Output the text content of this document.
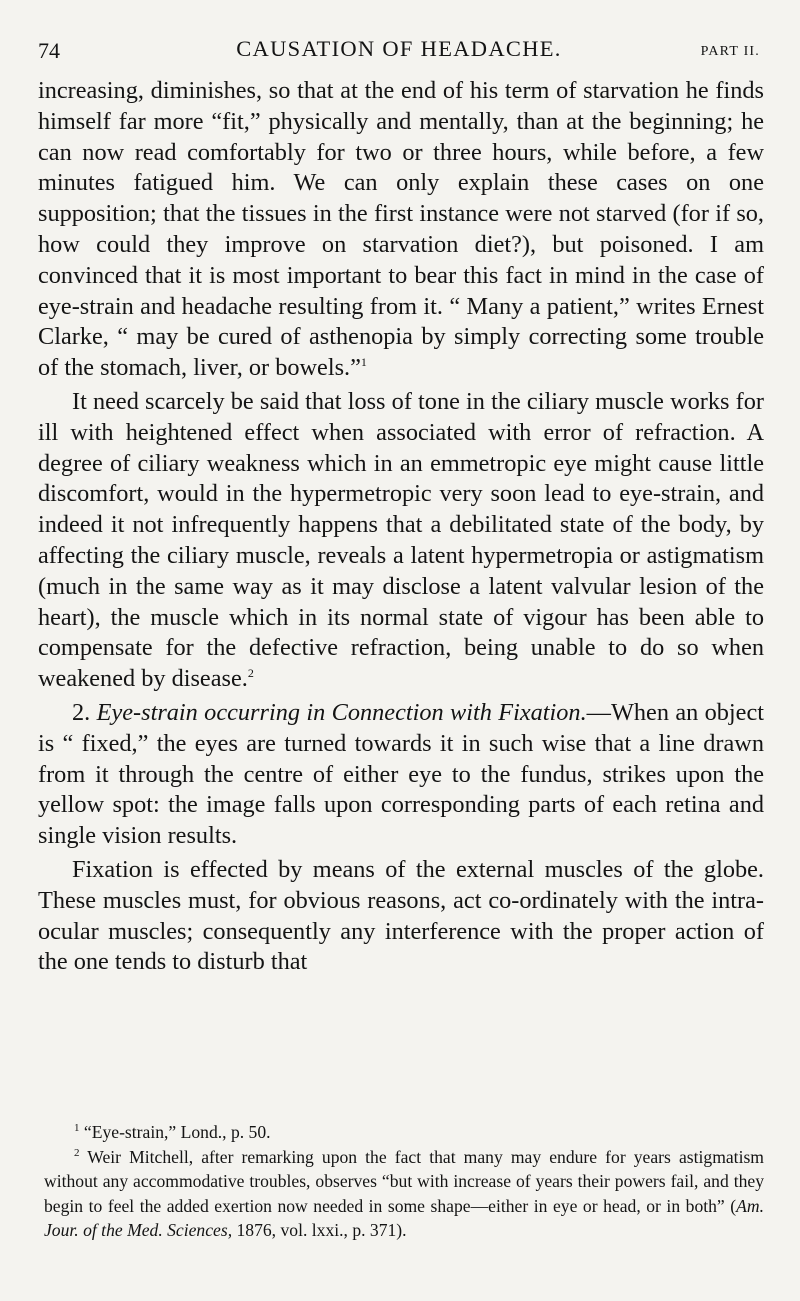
74	CAUSATION OF HEADACHE.	PART II.

increasing, diminishes, so that at the end of his term of starvation he finds himself far more “fit,” physically and mentally, than at the beginning; he can now read comfortably for two or three hours, while before, a few minutes fatigued him. We can only explain these cases on one supposition; that the tissues in the first instance were not starved (for if so, how could they improve on starvation diet?), but poisoned. I am convinced that it is most important to bear this fact in mind in the case of eye-strain and headache resulting from it. “ Many a patient,” writes Ernest Clarke, “ may be cured of asthenopia by simply correcting some trouble of the stomach, liver, or bowels.”$^1$

It need scarcely be said that loss of tone in the ciliary muscle works for ill with heightened effect when associated with error of refraction. A degree of ciliary weakness which in an emmetropic eye might cause little discomfort, would in the hypermetropic very soon lead to eye-strain, and indeed it not infrequently happens that a debilitated state of the body, by affecting the ciliary muscle, reveals a latent hypermetropia or astigmatism (much in the same way as it may disclose a latent valvular lesion of the heart), the muscle which in its normal state of vigour has been able to compensate for the defective refraction, being unable to do so when weakened by disease.$^2$

2. Eye-strain occurring in Connection with Fixation.—When an object is “ fixed,” the eyes are turned towards it in such wise that a line drawn from it through the centre of either eye to the fundus, strikes upon the yellow spot: the image falls upon corresponding parts of each retina and single vision results.

Fixation is effected by means of the external muscles of the globe. These muscles must, for obvious reasons, act co-ordinately with the intra-ocular muscles; consequently any interference with the proper action of the one tends to disturb that

$^1$ “Eye-strain,” Lond., p. 50.

$^2$ Weir Mitchell, after remarking upon the fact that many may endure for years astigmatism without any accommodative troubles, observes “but with increase of years their powers fail, and they begin to feel the added exertion now needed in some shape—either in eye or head, or in both” (Am. Jour. of the Med. Sciences, 1876, vol. lxxi., p. 371).
